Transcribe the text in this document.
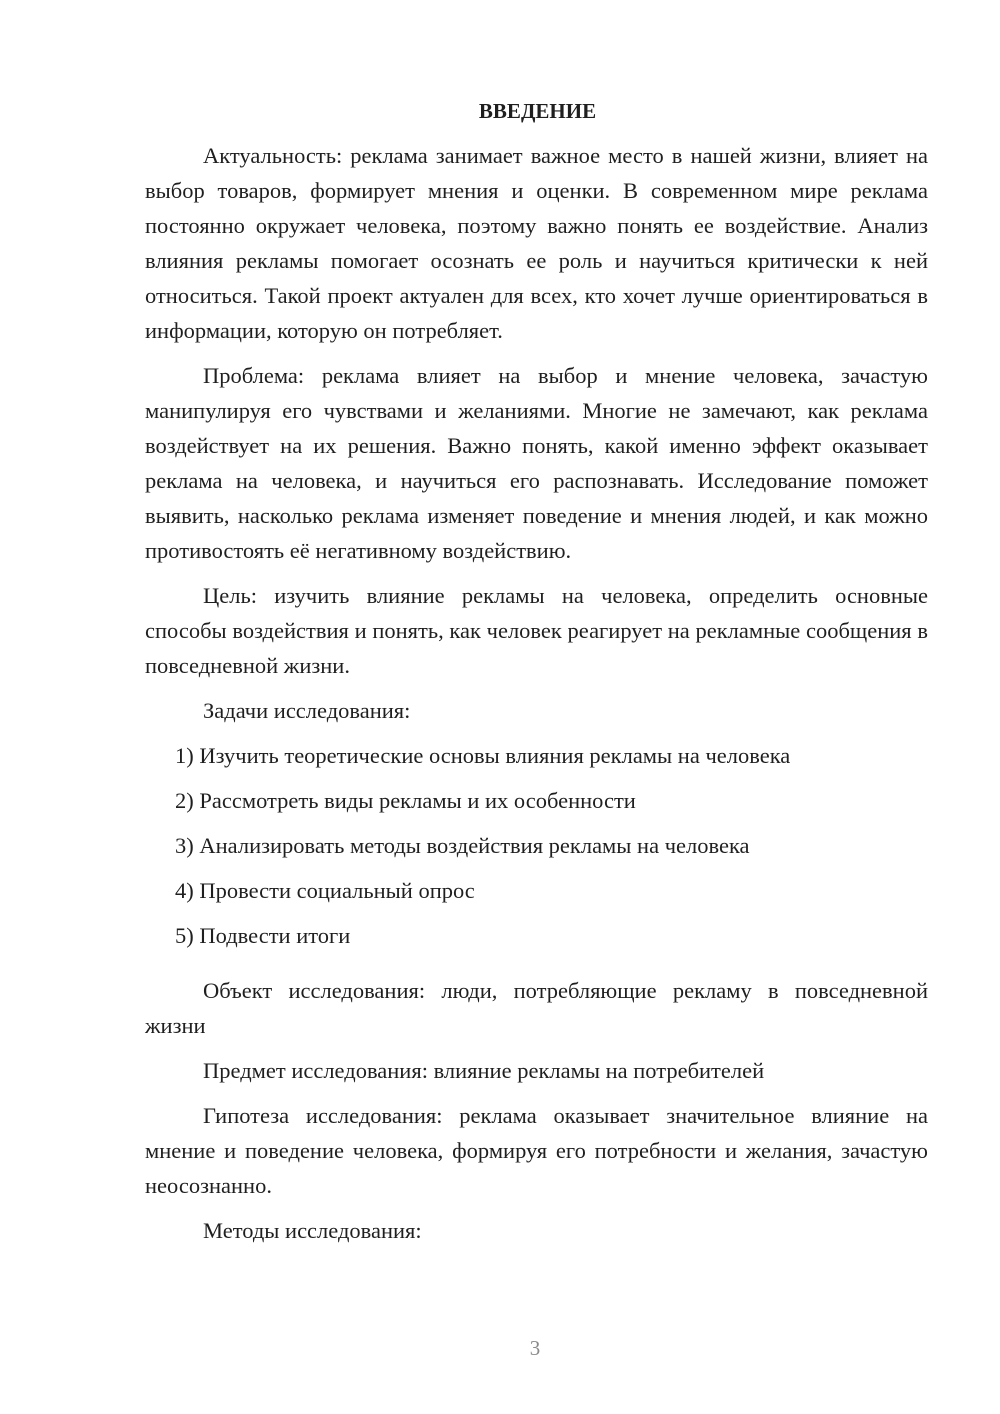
ВВЕДЕНИЕ

Актуальность: реклама занимает важное место в нашей жизни, влияет на выбор товаров, формирует мнения и оценки. В современном мире реклама постоянно окружает человека, поэтому важно понять ее воздействие. Анализ влияния рекламы помогает осознать ее роль и научиться критически к ней относиться. Такой проект актуален для всех, кто хочет лучше ориентироваться в информации, которую он потребляет.

Проблема: реклама влияет на выбор и мнение человека, зачастую манипулируя его чувствами и желаниями. Многие не замечают, как реклама воздействует на их решения. Важно понять, какой именно эффект оказывает реклама на человека, и научиться его распознавать. Исследование поможет выявить, насколько реклама изменяет поведение и мнения людей, и как можно противостоять её негативному воздействию.

Цель: изучить влияние рекламы на человека, определить основные способы воздействия и понять, как человек реагирует на рекламные сообщения в повседневной жизни.

Задачи исследования:

1) Изучить теоретические основы влияния рекламы на человека
2) Рассмотреть виды рекламы и их особенности
3) Анализировать методы воздействия рекламы на человека
4) Провести социальный опрос
5) Подвести итоги

Объект исследования: люди, потребляющие рекламу в повседневной жизни

Предмет исследования: влияние рекламы на потребителей

Гипотеза исследования: реклама оказывает значительное влияние на мнение и поведение человека, формируя его потребности и желания, зачастую неосознанно.

Методы исследования:

3
